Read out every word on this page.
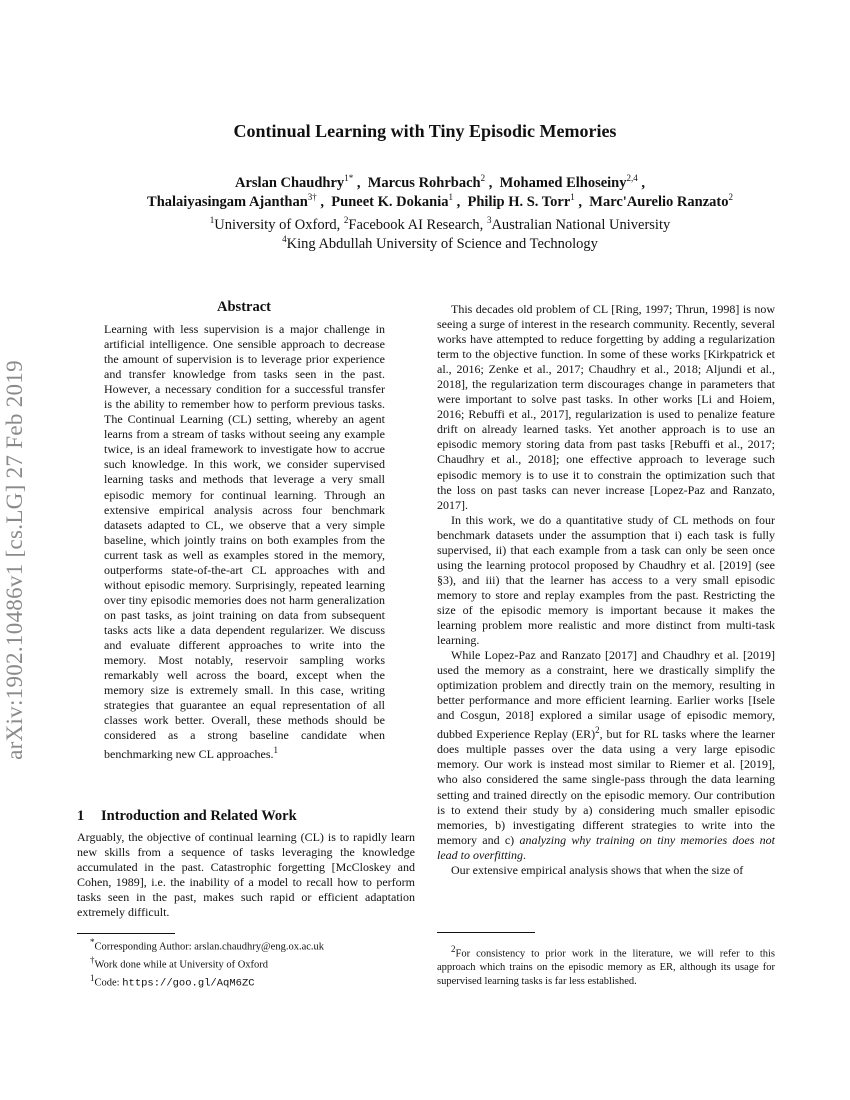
arXiv:1902.10486v1 [cs.LG] 27 Feb 2019
Continual Learning with Tiny Episodic Memories
Arslan Chaudhry$^{1*}$ ,  Marcus Rohrbach$^2$ ,  Mohamed Elhoseiny$^{2,4}$ ,
Thalaiyasingam Ajanthan$^{3\dagger}$ ,  Puneet K. Dokania$^1$ ,  Philip H. S. Torr$^1$ ,  Marc'Aurelio Ranzato$^2$
$^1$University of Oxford, $^2$Facebook AI Research, $^3$Australian National University
$^4$King Abdullah University of Science and Technology
Abstract
Learning with less supervision is a major challenge in artificial intelligence. One sensible approach to decrease the amount of supervision is to leverage prior experience and transfer knowledge from tasks seen in the past. However, a necessary condition for a successful transfer is the ability to remember how to perform previous tasks. The Continual Learning (CL) setting, whereby an agent learns from a stream of tasks without seeing any example twice, is an ideal framework to investigate how to accrue such knowledge. In this work, we consider supervised learning tasks and methods that leverage a very small episodic memory for continual learning. Through an extensive empirical analysis across four benchmark datasets adapted to CL, we observe that a very simple baseline, which jointly trains on both examples from the current task as well as examples stored in the memory, outperforms state-of-the-art CL approaches with and without episodic memory. Surprisingly, repeated learning over tiny episodic memories does not harm generalization on past tasks, as joint training on data from subsequent tasks acts like a data dependent regularizer. We discuss and evaluate different approaches to write into the memory. Most notably, reservoir sampling works remarkably well across the board, except when the memory size is extremely small. In this case, writing strategies that guarantee an equal representation of all classes work better. Overall, these methods should be considered as a strong baseline candidate when benchmarking new CL approaches.$^1$
1 Introduction and Related Work

Arguably, the objective of continual learning (CL) is to rapidly learn new skills from a sequence of tasks leveraging the knowledge accumulated in the past. Catastrophic forgetting [McCloskey and Cohen, 1989], i.e. the inability of a model to recall how to perform tasks seen in the past, makes such rapid or efficient adaptation extremely difficult.

*Corresponding Author: arslan.chaudhry@eng.ox.ac.uk
†Work done while at University of Oxford
$^1$Code: https://goo.gl/AqM6ZC

This decades old problem of CL [Ring, 1997; Thrun, 1998] is now seeing a surge of interest in the research community. Recently, several works have attempted to reduce forgetting by adding a regularization term to the objective function. In some of these works [Kirkpatrick et al., 2016; Zenke et al., 2017; Chaudhry et al., 2018; Aljundi et al., 2018], the regularization term discourages change in parameters that were important to solve past tasks. In other works [Li and Hoiem, 2016; Rebuffi et al., 2017], regularization is used to penalize feature drift on already learned tasks. Yet another approach is to use an episodic memory storing data from past tasks [Rebuffi et al., 2017; Chaudhry et al., 2018]; one effective approach to leverage such episodic memory is to use it to constrain the optimization such that the loss on past tasks can never increase [Lopez-Paz and Ranzato, 2017].

In this work, we do a quantitative study of CL methods on four benchmark datasets under the assumption that i) each task is fully supervised, ii) that each example from a task can only be seen once using the learning protocol proposed by Chaudhry et al. [2019] (see §3), and iii) that the learner has access to a very small episodic memory to store and replay examples from the past. Restricting the size of the episodic memory is important because it makes the learning problem more realistic and more distinct from multi-task learning.

While Lopez-Paz and Ranzato [2017] and Chaudhry et al. [2019] used the memory as a constraint, here we drastically simplify the optimization problem and directly train on the memory, resulting in better performance and more efficient learning. Earlier works [Isele and Cosgun, 2018] explored a similar usage of episodic memory, dubbed Experience Replay (ER)$^2$, but for RL tasks where the learner does multiple passes over the data using a very large episodic memory. Our work is instead most similar to Riemer et al. [2019], who also considered the same single-pass through the data learning setting and trained directly on the episodic memory. Our contribution is to extend their study by a) considering much smaller episodic memories, b) investigating different strategies to write into the memory and c) analyzing why training on tiny memories does not lead to overfitting.

Our extensive empirical analysis shows that when the size of

$^2$For consistency to prior work in the literature, we will refer to this approach which trains on the episodic memory as ER, although its usage for supervised learning tasks is far less established.
